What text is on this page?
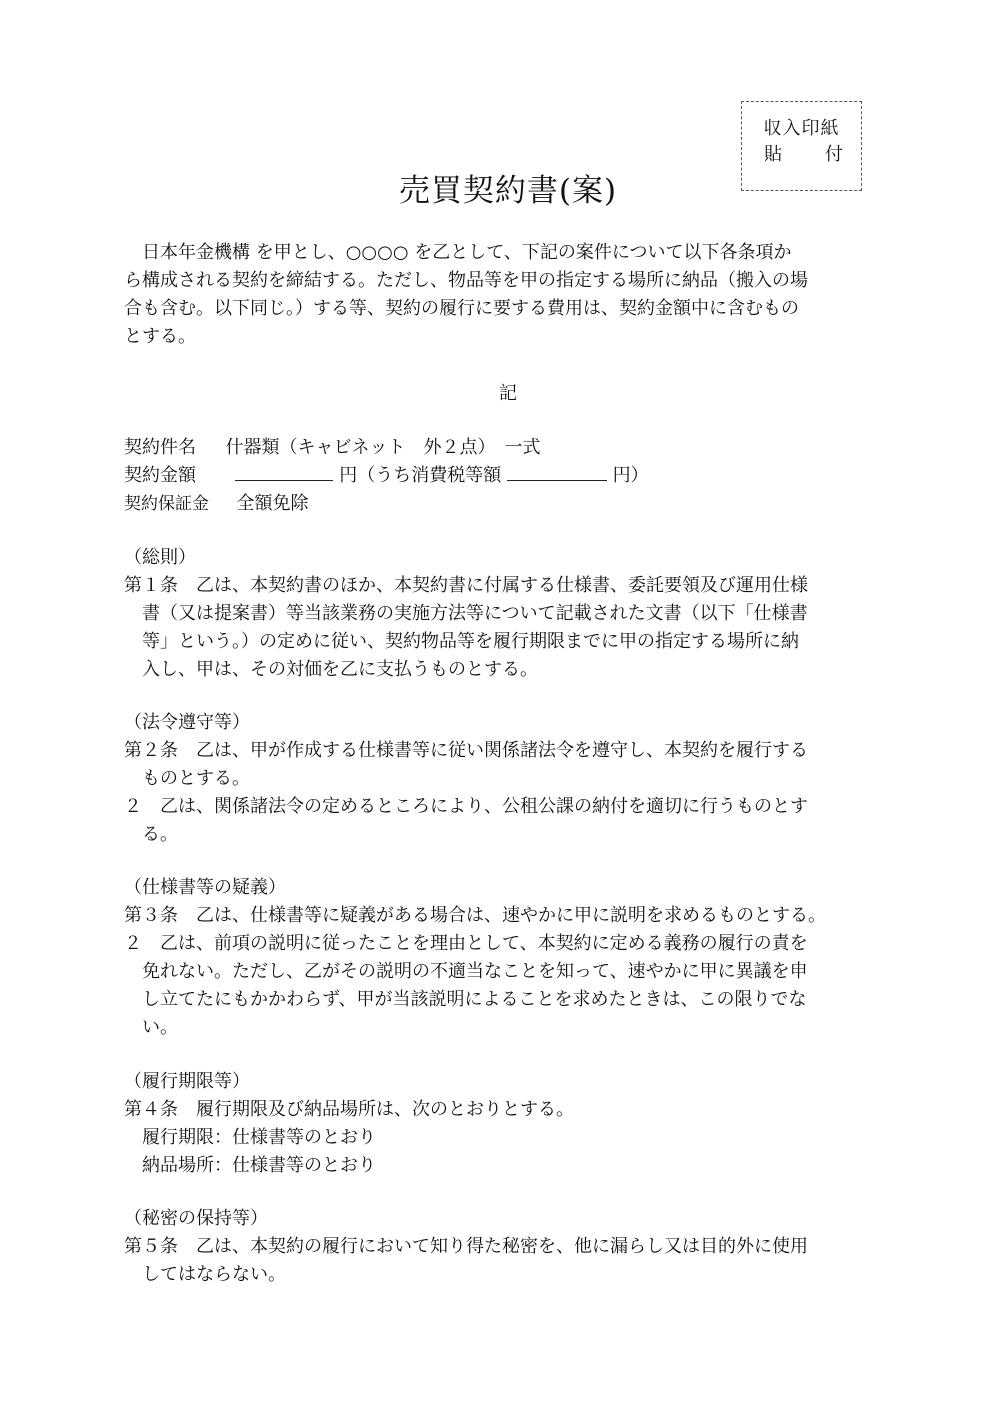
収入印紙
貼 付
売買契約書(案)
　日本年金機構 を甲とし、○○○○ を乙として、下記の案件について以下各条項か
ら構成される契約を締結する。ただし、物品等を甲の指定する場所に納品（搬入の場
合も含む。以下同じ。）する等、契約の履行に要する費用は、契約金額中に含むもの
とする。
記
契約件名 什器類（キャビネット　外２点）　一式
契約金額	円（うち消費税等額	円）
契約保証金 全額免除
（総則）
第１条　乙は、本契約書のほか、本契約書に付属する仕様書、委託要領及び運用仕様
　書（又は提案書）等当該業務の実施方法等について記載された文書（以下「仕様書
　等」という。）の定めに従い、契約物品等を履行期限までに甲の指定する場所に納
　入し、甲は、その対価を乙に支払うものとする。
（法令遵守等）
第２条　乙は、甲が作成する仕様書等に従い関係諸法令を遵守し、本契約を履行する
　ものとする。
２　乙は、関係諸法令の定めるところにより、公租公課の納付を適切に行うものとす
　る。
（仕様書等の疑義）
第３条　乙は、仕様書等に疑義がある場合は、速やかに甲に説明を求めるものとする。
２　乙は、前項の説明に従ったことを理由として、本契約に定める義務の履行の責を
　免れない。ただし、乙がその説明の不適当なことを知って、速やかに甲に異議を申
　し立てたにもかかわらず、甲が当該説明によることを求めたときは、この限りでな
　い。
（履行期限等）
第４条　履行期限及び納品場所は、次のとおりとする。
　履行期限：仕様書等のとおり
　納品場所：仕様書等のとおり
（秘密の保持等）
第５条　乙は、本契約の履行において知り得た秘密を、他に漏らし又は目的外に使用
　してはならない。
